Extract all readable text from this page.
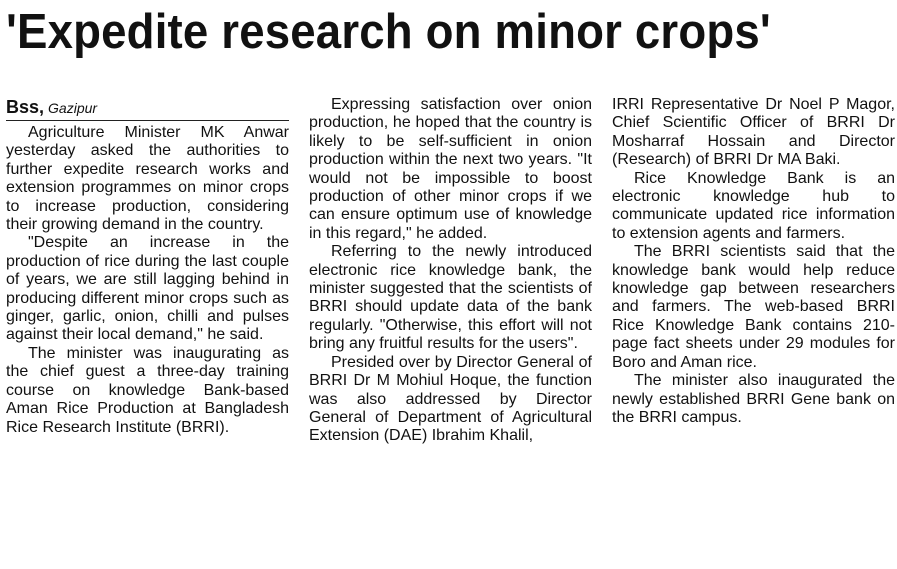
'Expedite research on minor crops'
Bss, Gazipur

Agriculture Minister MK Anwar yesterday asked the authorities to further expedite research works and extension programmes on minor crops to increase production, considering their growing demand in the country.

"Despite an increase in the production of rice during the last couple of years, we are still lagging behind in producing different minor crops such as ginger, garlic, onion, chilli and pulses against their local demand," he said.

The minister was inaugurating as the chief guest a three-day training course on knowledge Bank-based Aman Rice Production at Bangladesh Rice Research Institute (BRRI).

Expressing satisfaction over onion production, he hoped that the country is likely to be self-sufficient in onion production within the next two years. "It would not be impossible to boost production of other minor crops if we can ensure optimum use of knowledge in this regard," he added.

Referring to the newly introduced electronic rice knowledge bank, the minister suggested that the scientists of BRRI should update data of the bank regularly. "Otherwise, this effort will not bring any fruitful results for the users".

Presided over by Director General of BRRI Dr M Mohiul Hoque, the function was also addressed by Director General of Department of Agricultural Extension (DAE) Ibrahim Khalil,

IRRI Representative Dr Noel P Magor, Chief Scientific Officer of BRRI Dr Mosharraf Hossain and Director (Research) of BRRI Dr MA Baki.

Rice Knowledge Bank is an electronic knowledge hub to communicate updated rice information to extension agents and farmers.

The BRRI scientists said that the knowledge bank would help reduce knowledge gap between researchers and farmers. The web-based BRRI Rice Knowledge Bank contains 210-page fact sheets under 29 modules for Boro and Aman rice.

The minister also inaugurated the newly established BRRI Gene bank on the BRRI campus.
